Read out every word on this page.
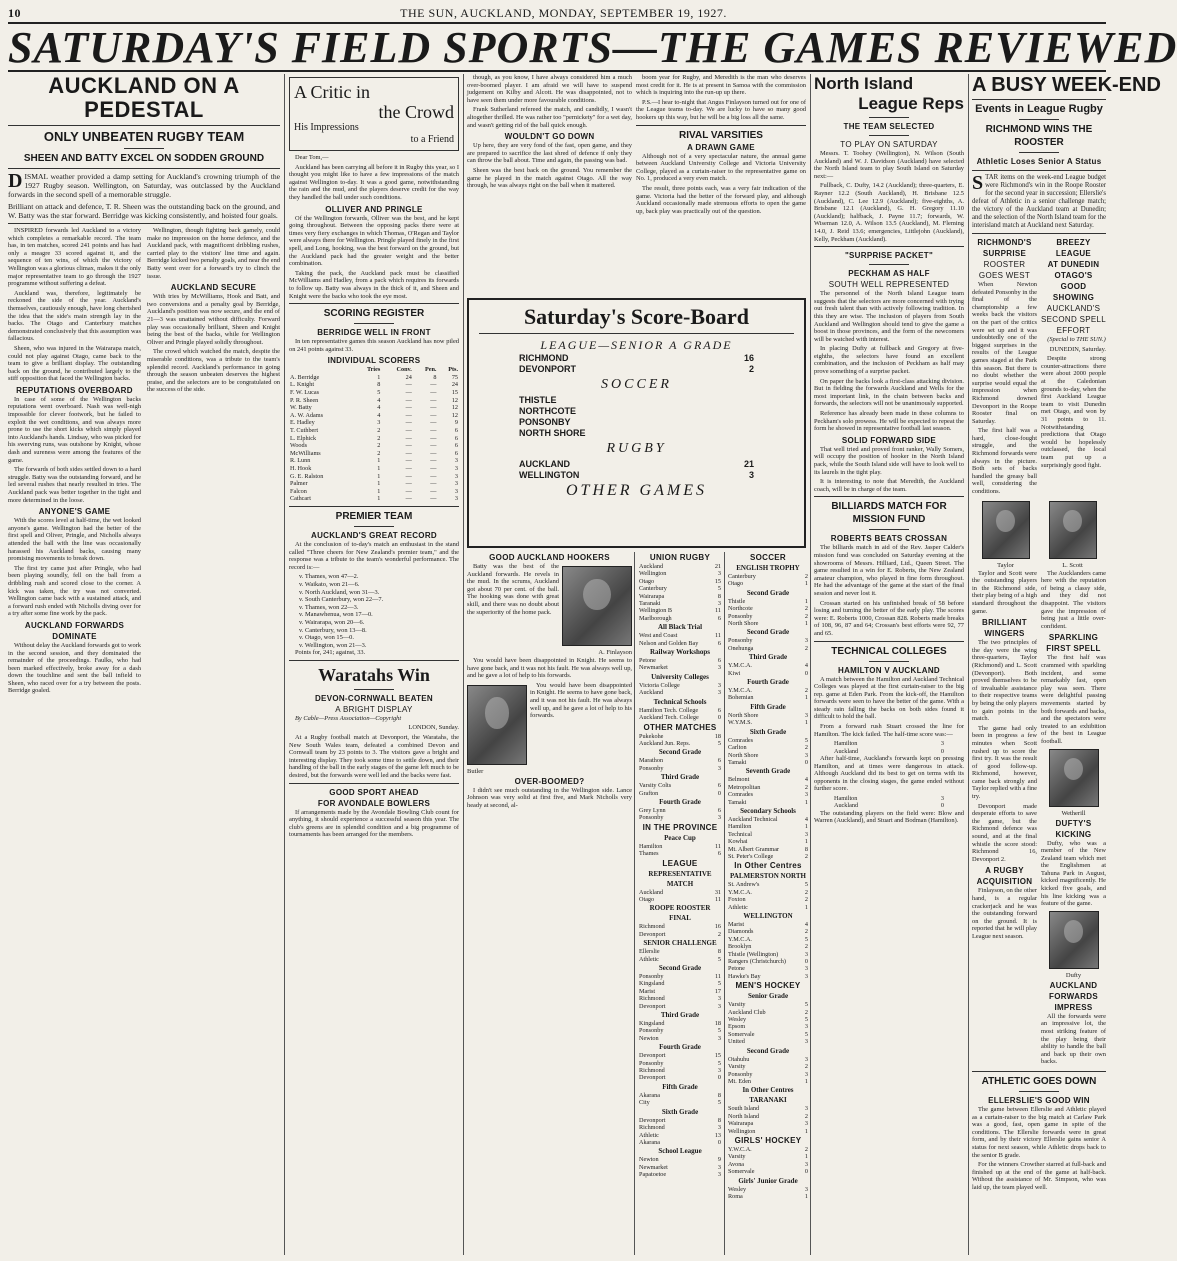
10	THE SUN, AUCKLAND, MONDAY, SEPTEMBER 19, 1927.
SATURDAY'S FIELD SPORTS—THE GAMES REVIEWED
AUCKLAND ON A PEDESTAL
ONLY UNBEATEN RUGBY TEAM
SHEEN AND BATTY EXCEL ON SODDEN GROUND
DISMAL weather provided a damp setting for Auckland's crowning triumph of the 1927 Rugby season. Wellington, on Saturday, was outclassed by the Auckland forwards in the second spell of a memorable struggle.
Brilliant on attack and defence, T. R. Sheen was the outstanding back on the ground, and W. Batty was the star forward. Berridge was kicking consistently, and hoisted four goals.

INSPIRED forwards led Auckland to a victory which completes a remarkable record. The team has, in ten matches, scored 241 points and has had only a meagre 33 scored against it, and the sequence of ten wins, of which the victory of Wellington was a glorious climax, makes it the only major representative team to go through the 1927 programme without suffering a defeat.

Auckland was, therefore, legitimately be reckoned the side of the year. Auckland's themselves, cautiously enough, have long cherished the idea that the side's main strength lay in the backs. The Otago and Canterbury matches demonstrated conclusively that this assumption was fallacious.

Sheen, who was injured in the Wairarapa match, could not play against Otago, came back to the team to give a brilliant display. The outstanding back on the ground, he contributed largely to the stiff opposition that faced the Wellington backs.

REPUTATIONS OVERBOARD

In case of some of the Wellington backs reputations went overboard. Nash was well-nigh impossible for clever footwork, but he failed to exploit the wet conditions, and was always more prone to use the short kicks which simply played into Auckland's hands. Lindsay, who was picked for his swerving runs, was outshone by Knight, whose dash and sureness were among the features of the game.

The forwards of both sides settled down to a hard struggle. Batty was the outstanding forward, and he led several rushes that nearly resulted in tries. The Auckland pack was better together in the tight and more determined in the loose.

ANYONE'S GAME

With the scores level at half-time, the wet looked anyone's game. Wellington had the better of the first spell and Oliver, Pringle, and Nicholls always attended the ball with the line was occasionally harassed his Auckland backs, causing many promising movements to break down.

The first try came just after Pringle, who had been playing soundly, fell on the ball from a dribbling rush and scored close to the corner. A kick was taken, the try was not converted. Wellington came back with a sustained attack, and a forward rush ended with Nicholls diving over for a try after some fine work by the pack.

AUCKLAND FORWARDS DOMINATE

Without delay the Auckland forwards got to work in the second session, and they dominated the remainder of the proceedings. Faulks, who had been marked effectively, broke away for a dash down the touchline and sent the ball infield to Sheen, who raced over for a try between the posts. Berridge goaled.

Wellington, though fighting back gamely, could make no impression on the home defence, and the Auckland pack, with magnificent dribbling rushes, carried play to the visitors' line time and again. Berridge kicked two penalty goals, and near the end Batty went over for a forward's try to clinch the issue.

AUCKLAND SECURE

With tries by McWilliams, Hook and Batt, and two conversions and a penalty goal by Berridge, Auckland's position was now secure, and the end of 21—3 was unattained without difficulty. Forward play was occasionally brilliant, Sheen and Knight being the best of the backs, while for Wellington Oliver and Pringle played solidly throughout.

The crowd which watched the match, despite the miserable conditions, was a tribute to the team's splendid record. Auckland's performance in going through the season unbeaten deserves the highest praise, and the selectors are to be congratulated on the success of the side.

A Critic in
the Crowd
His Impressions
to a Friend

Dear Tom,—

Auckland has been carrying all before it in Rugby this year, so I thought you might like to have a few impressions of the match against Wellington to-day. It was a good game, notwithstanding the rain and the mud, and the players deserve credit for the way they handled the ball under such conditions.

OLLIVER AND PRINGLE

Of the Wellington forwards, Olliver was the best, and he kept going throughout. Between the opposing packs there were at times very fiery exchanges in which Thomas, O'Regan and Taylor were always there for Wellington. Pringle played finely in the first spell, and Long, hooking, was the best forward on the ground, but the Auckland pack had the greater weight and the better combination.

Taking the pack, the Auckland pack must be classified McWilliams and Hadley, from a pack which requires its forwards to follow up. Batty was always in the thick of it, and Sheen and Knight were the backs who took the eye most.

SCORING REGISTER
BERRIDGE WELL IN FRONT

In ten representative games this season Auckland has now piled on 241 points against 33.

INDIVIDUAL SCORERS
	Tries	Conv.	Pen.	Pts.
A. Berridge	1	24	8	75
L. Knight	8	—	—	24
F. W. Lucas	5	—	—	15
P. R. Sheen	4	—	—	12
W. Batty	4	—	—	12
A. W. Adams	4	—	—	12
E. Hadley	3	—	—	9
T. Cuthbert	2	—	—	6
L. Elphick	2	—	—	6
Woods	2	—	—	6
McWilliams	2	—	—	6
R. Lunn	1	—	—	3
H. Hook	1	—	—	3
G. E. Ralston	1	—	—	3
Palmer	1	—	—	3
Falcon	1	—	—	3
Cathcart	1	—	—	3
PREMIER TEAM
AUCKLAND'S GREAT RECORD

At the conclusion of to-day's match an enthusiast in the stand called "Three cheers for New Zealand's premier team," and the response was a tribute to the team's wonderful performance. The record is:—

v. Thames, won 47—2.
v. Waikato, won 21—6.
v. North Auckland, won 31—3.
v. South Canterbury, won 22—7.
v. Thames, won 22—3.
v. Manawhenua, won 17—0.
v. Wairarapa, won 20—6.
v. Canterbury, won 13—8.
v. Otago, won 15—0.
v. Wellington, won 21—3.

Points for, 241; against, 33.

Waratahs Win
DEVON-CORNWALL BEATEN
A BRIGHT DISPLAY

By Cable—Press Association—Copyright

LONDON, Sunday.

At a Rugby football match at Devonport, the Waratahs, the New South Wales team, defeated a combined Devon and Cornwall team by 23 points to 3. The visitors gave a bright and interesting display. They took some time to settle down, and their handling of the ball in the early stages of the game left much to be desired, but the forwards were well led and the backs were fast.

GOOD SPORT AHEAD
FOR AVONDALE BOWLERS

If arrangements made by the Avondale Bowling Club count for anything, it should experience a successful season this year. The club's greens are in splendid condition and a big programme of tournaments has been arranged for the members.

though, as you know, I have always considered him a much over-boomed player. I am afraid we will have to suspend judgement on Kilby and Alcott. He was disappointed, not to have seen them under more favourable conditions.

Frank Sutherland refereed the match, and candidly, I wasn't altogether thrilled. He was rather too "pernickety" for a wet day, and wasn't getting rid of the ball quick enough.

WOULDN'T GO DOWN

Up here, they are very fond of the fast, open game, and they are prepared to sacrifice the last shred of defence if only they can throw the ball about. Time and again, the passing was bad.

Sheen was the best back on the ground. You remember the game he played in the match against Otago. All the way through, he was always right on the ball when it mattered.

boom year for Rugby, and Meredith is the man who deserves most credit for it. He is at present in Samoa with the commission which is inquiring into the run-up up there.

P.S.—I hear to-night that Angus Finlayson turned out for one of the League teams to-day. We are lucky to have so many good hookers up this way, but he will be a big loss all the same.

RIVAL VARSITIES
A DRAWN GAME

Although not of a very spectacular nature, the annual game between Auckland University College and Victoria University College, played as a curtain-raiser to the representative game on No. 1, produced a very even match.

The result, three points each, was a very fair indication of the game. Victoria had the better of the forward play, and although Auckland occasionally made strenuous efforts to open the game up, back play was practically out of the question.

Saturday's Score-Board
LEAGUE—SENIOR A GRADE
RICHMOND	16
DEVONPORT	2
SOCCER
THISTLE
NORTHCOTE
PONSONBY
NORTH SHORE
RUGBY
AUCKLAND	21
WELLINGTON	3
OTHER GAMES
GOOD AUCKLAND HOOKERS

Batty was the best of the Auckland forwards. He revels in the mud. In the scrums, Auckland got about 70 per cent. of the ball. The hooking was done with great skill, and there was no doubt about the superiority of the home pack.

A. Finlayson

You would have been disappointed in Knight. He seems to have gone back, and it was not his fault. He was always well up, and he gave a lot of help to his forwards.

You would have been disappointed in Knight. He seems to have gone back, and it was not his fault. He was always well up, and he gave a lot of help to his forwards.

Butler
OVER-BOOMED?

I didn't see much outstanding in the Wellington side. Lance Johnson was very solid at first five, and Mark Nicholls very heady at second, al-

UNION RUGBY
Auckland	21
Wellington	3
Otago	15
Canterbury	5
Wairarapa	8
Taranaki	3
Wellington B	11
Marlborough	6
All Black Trial
West and Coast	11
Nelson and Golden Bay	6
Railway Workshops
Petone	6
Newmarket	3
University Colleges
Victoria College	3
Auckland	3
Technical Schools
Hamilton Tech. College	6
Auckland Tech. College	0
OTHER MATCHES
Pukekohe	18
Auckland Jun. Reps.	5
Second Grade
Marathon	6
Ponsonby	3
Third Grade
Varsity Colts	6
Grafton	0
Fourth Grade
Grey Lynn	6
Ponsonby	3
IN THE PROVINCE
Peace Cup
Hamilton	11
Thames	6
LEAGUE
REPRESENTATIVE MATCH
Auckland	31
Otago	11
ROOPE ROOSTER FINAL
Richmond	16
Devonport	2
SENIOR CHALLENGE
Ellerslie	8
Athletic	5
Second Grade
Ponsonby	11
Kingsland	5
Marist	17
Richmond	3
Devonport	3
Third Grade
Kingsland	18
Ponsonby	5
Newton	3
Fourth Grade
Devonport	15
Ponsonby	5
Richmond	3
Devonport	0
Fifth Grade
Akarana	8
City	5
Sixth Grade
Devonport	8
Richmond	3
Athletic	13
Akarana	0
School League
Newton	9
Newmarket	3
Papatoetoe	3
SOCCER
ENGLISH TROPHY
Canterbury	2
Otago	1
Second Grade
Thistle	1
Northcote	2
Ponsonby	2
North Shore	1
Second Grade
Ponsonby	3
Onehunga	2
Third Grade
Y.M.C.A.	4
Kiwi	0
Fourth Grade
Y.M.C.A.	2
Bohemian	1
Fifth Grade
North Shore	3
W.Y.M.S.	1
Sixth Grade
Comrades	5
Carlton	2
North Shore	3
Tamaki	0
Seventh Grade
Belmont	4
Metropolitan	2
Comrades	3
Tamaki	1
Secondary Schools
Auckland Technical	4
Hamilton	1
Technical	3
Kowhai	1
Mt. Albert Grammar	8
St. Peter's College	2
In Other Centres
PALMERSTON NORTH
St. Andrew's	5
Y.M.C.A.	2
Foxton	2
Athletic	1
WELLINGTON
Marist	4
Diamonds	2
Y.M.C.A.	5
Brooklyn	2
Thistle (Wellington)	3
Rangers (Christchurch)	0
Petone	3
Hawke's Bay	3
MEN'S HOCKEY
Senior Grade
Varsity	5
Auckland Club	2
Wesley	5
Epsom	3
Somervale	5
United	3
Second Grade
Otahuhu	3
Varsity	2
Ponsonby	3
Mt. Eden	1
In Other Centres
TARANAKI
South Island	3
North Island	2
Wairarapa	3
Wellington	1
GIRLS' HOCKEY
Y.W.C.A.	2
Varsity	1
Avona	3
Somervale	0
Girls' Junior Grade
Wesley	3
Roma	1
North Island
League Reps
THE TEAM SELECTED
TO PLAY ON SATURDAY

Messrs. T. Toohey (Wellington), N. Wilson (South Auckland) and W. J. Davidson (Auckland) have selected the North Island team to play South Island on Saturday next:—

Fullback, C. Dufty, 14.2 (Auckland); three-quarters, E. Rayner 12.2 (South Auckland), H. Brisbane 12.5 (Auckland), C. Lee 12.9 (Auckland); five-eighths, A. Brisbane 12.1 (Auckland), G. H. Gregory 11.10 (Auckland); halfback, J. Payne 11.7; forwards, W. Wiseman 12.0, A. Wilson 13.5 (Auckland), M. Fleming 14.0, J. Reid 13.6; emergencies, Littlejohn (Auckland), Kelly, Peckham (Auckland).

"SURPRISE PACKET"
PECKHAM AS HALF
SOUTH WELL REPRESENTED

The personnel of the North Island League team suggests that the selectors are more concerned with trying out fresh talent than with actively following tradition. In this they are wise. The inclusion of players from South Auckland and Wellington should tend to give the game a boost in those provinces, and the form of the newcomers will be watched with interest.

In placing Dufty at fullback and Gregory at five-eighths, the selectors have found an excellent combination, and the inclusion of Peckham as half may prove something of a surprise packet.

On paper the backs look a first-class attacking division. But in fielding the forwards Auckland and Wells for the most important link, in the chain between backs and forwards, the selectors will not be unanimously supported.

Reference has already been made in these columns to Peckham's solo prowess. He will be expected to repeat the form he showed in representative football last season.

SOLID FORWARD SIDE

That well tried and proved front ranker, Wally Somers, will occupy the position of hooker in the North Island pack, while the South Island side will have to look well to its laurels in the tight play.

It is interesting to note that Meredith, the Auckland coach, will be in charge of the team.

BILLIARDS MATCH FOR MISSION FUND
ROBERTS BEATS CROSSAN

The billiards match in aid of the Rev. Jasper Calder's mission fund was concluded on Saturday evening at the showrooms of Messrs. Hilliard, Ltd., Queen Street. The game resulted in a win for E. Roberts, the New Zealand amateur champion, who played in fine form throughout. He had the advantage of the game at the start of the final session and never lost it.

Crossan started on his unfinished break of 58 before losing and turning the better of the early play. The scores were: E. Roberts 1000, Crossan 828. Roberts made breaks of 108, 96, 87 and 64; Crossan's best efforts were 92, 77 and 65.

TECHNICAL COLLEGES
HAMILTON V AUCKLAND

A match between the Hamilton and Auckland Technical Colleges was played at the first curtain-raiser to the big rep. game at Eden Park. From the kick-off, the Hamilton forwards were seen to have the better of the game. With a steady rain falling the backs on both sides found it difficult to hold the ball.

From a forward rush Stuart crossed the line for Hamilton. The kick failed. The half-time score was:—

Hamilton	3
Auckland	0

After half-time, Auckland's forwards kept on pressing Hamilton, and at times were dangerous in attack. Although Auckland did its best to get on terms with its opponents in the closing stages, the game ended without further score.

Hamilton	3
Auckland	0

The outstanding players on the field were: Blow and Warren (Auckland), and Stuart and Bodman (Hamilton).

A BUSY WEEK-END
Events in League Rugby
RICHMOND WINS THE ROOSTER
Athletic Loses Senior A Status
STAR items on the week-end League budget were Richmond's win in the Roope Rooster for the second year in succession; Ellerslie's defeat of Athletic in a senior challenge match; the victory of the Auckland team at Dunedin; and the selection of the North Island team for the interisland match at Auckland next Saturday.
RICHMOND'S SURPRISE
ROOSTER GOES WEST

When Newton defeated Ponsonby in the final of the championship a few weeks back the visitors on the part of the critics were set up and it was undoubtedly one of the biggest surprises in the results of the League games staged at the Park this season. But there is no doubt whether the surprise would equal the impression when Richmond downed Devonport in the Roope Rooster final on Saturday.

The first half was a hard, close-fought struggle, and the Richmond forwards were always in the picture. Both sets of backs handled the greasy ball well, considering the conditions.

BREEZY LEAGUE
AT DUNEDIN
OTAGO'S GOOD SHOWING
AUCKLAND'S SECOND SPELL EFFORT

(Special to THE SUN.)

DUNEDIN, Saturday.

Despite strong counter-attractions there were about 2000 people at the Caledonian grounds to-day, when the first Auckland League team to visit Dunedin met Otago, and won by 31 points to 11. Notwithstanding predictions that Otago would be hopelessly outclassed, the local team put up a surprisingly good fight.

Taylor	L. Scott

Taylor and Scott were the outstanding players in the Richmond side, their play being of a high standard throughout the game.

BRILLIANT WINGERS

The two principles of the day were the wing three-quarters, Taylor (Richmond) and L. Scott (Devonport). Both proved themselves to be of invaluable assistance to their respective teams by being the only players to gain points in the match.

The game had only been in progress a few minutes when Scott rushed up to score the first try. It was the result of good follow-up. Richmond, however, came back strongly and Taylor replied with a fine try.

Devonport made desperate efforts to save the game, but the Richmond defence was sound, and at the final whistle the score stood: Richmond 16, Devonport 2.

A RUGBY ACQUISITION

Finlayson, on the other hand, is a regular crackerjack and he was the outstanding forward on the ground. It is reported that he will play League next season.

The Aucklanders came here with the reputation of being a classy side, and they did not disappoint. The visitors gave the impression of being just a little over-confident.

SPARKLING FIRST SPELL

The first half was crammed with sparkling incident, and some remarkably fast, open play was seen. There were delightful passing movements started by both forwards and backs, and the spectators were treated to an exhibition of the best in League football.

Wetherill
DUFTY'S KICKING

Dufty, who was a member of the New Zealand team which met the Englishmen at Tahuna Park in August, kicked magnificently. He kicked five goals, and his line kicking was a feature of the game.

Dufty
AUCKLAND FORWARDS IMPRESS

All the forwards were an impressive lot, the most striking feature of the play being their ability to handle the ball and back up their own backs.

ATHLETIC GOES DOWN
ELLERSLIE'S GOOD WIN

The game between Ellerslie and Athletic played as a curtain-raiser to the big match at Carlaw Park was a good, fast, open game in spite of the conditions. The Ellerslie forwards were in great form, and by their victory Ellerslie gains senior A status for next season, while Athletic drops back to the senior B grade.

For the winners Crowther starred at full-back and finished up at the end of the game at half-back. Without the assistance of Mr. Simpson, who was laid up, the team played well.
